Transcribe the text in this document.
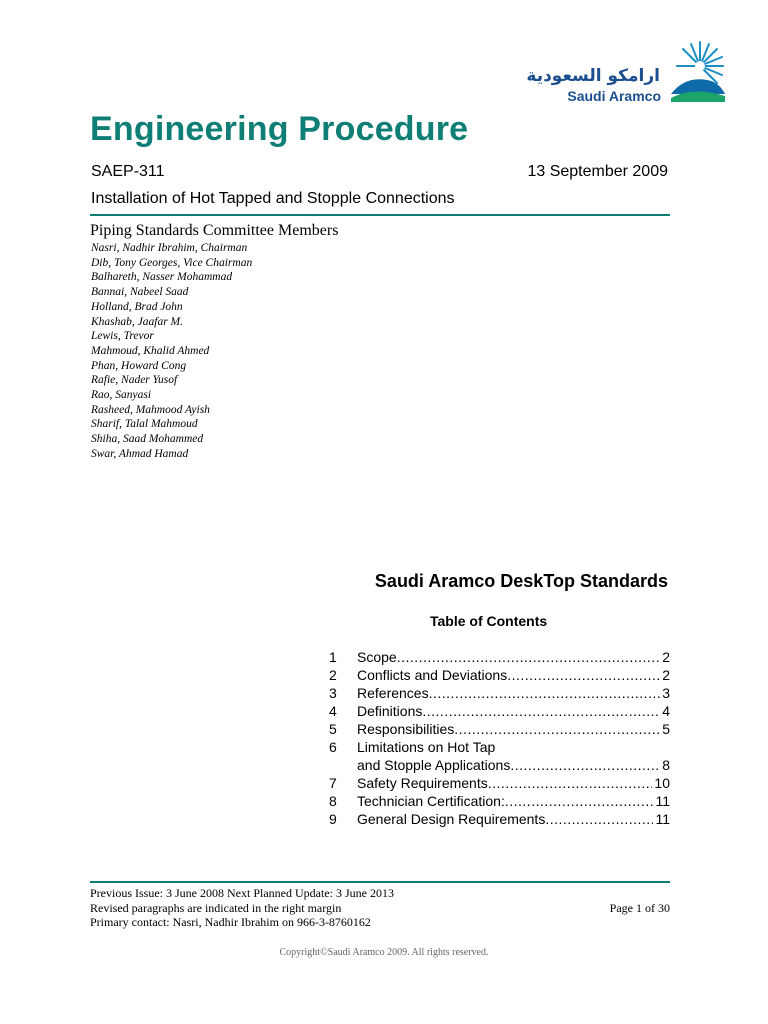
ارامكو السعودية
Saudi Aramco
Engineering Procedure
SAEP-311	13 September 2009
Installation of Hot Tapped and Stopple Connections
Piping Standards Committee Members
Nasri, Nadhir Ibrahim, Chairman
Dib, Tony Georges, Vice Chairman
Balhareth, Nasser Mohammad
Bannai, Nabeel Saad
Holland, Brad John
Khashab, Jaafar M.
Lewis, Trevor
Mahmoud, Khalid Ahmed
Phan, Howard Cong
Rafie, Nader Yusof
Rao, Sanyasi
Rasheed, Mahmood Ayish
Sharif, Talal Mahmoud
Shiha, Saad Mohammed
Swar, Ahmad Hamad
Saudi Aramco DeskTop Standards
Table of Contents
1	Scope .....	2
2	Conflicts and Deviations .....	2
3	References .....	3
4	Definitions .....	4
5	Responsibilities .....	5
6	Limitations on Hot Tap
and Stopple Applications .....	8
7	Safety Requirements .....	10
8	Technician Certification: .....	11
9	General Design Requirements .....	11
Previous Issue: 3 June 2008 Next Planned Update: 3 June 2013
Revised paragraphs are indicated in the right margin
Primary contact: Nasri, Nadhir Ibrahim on 966-3-8760162
Page 1 of 30
Copyright©Saudi Aramco 2009. All rights reserved.
